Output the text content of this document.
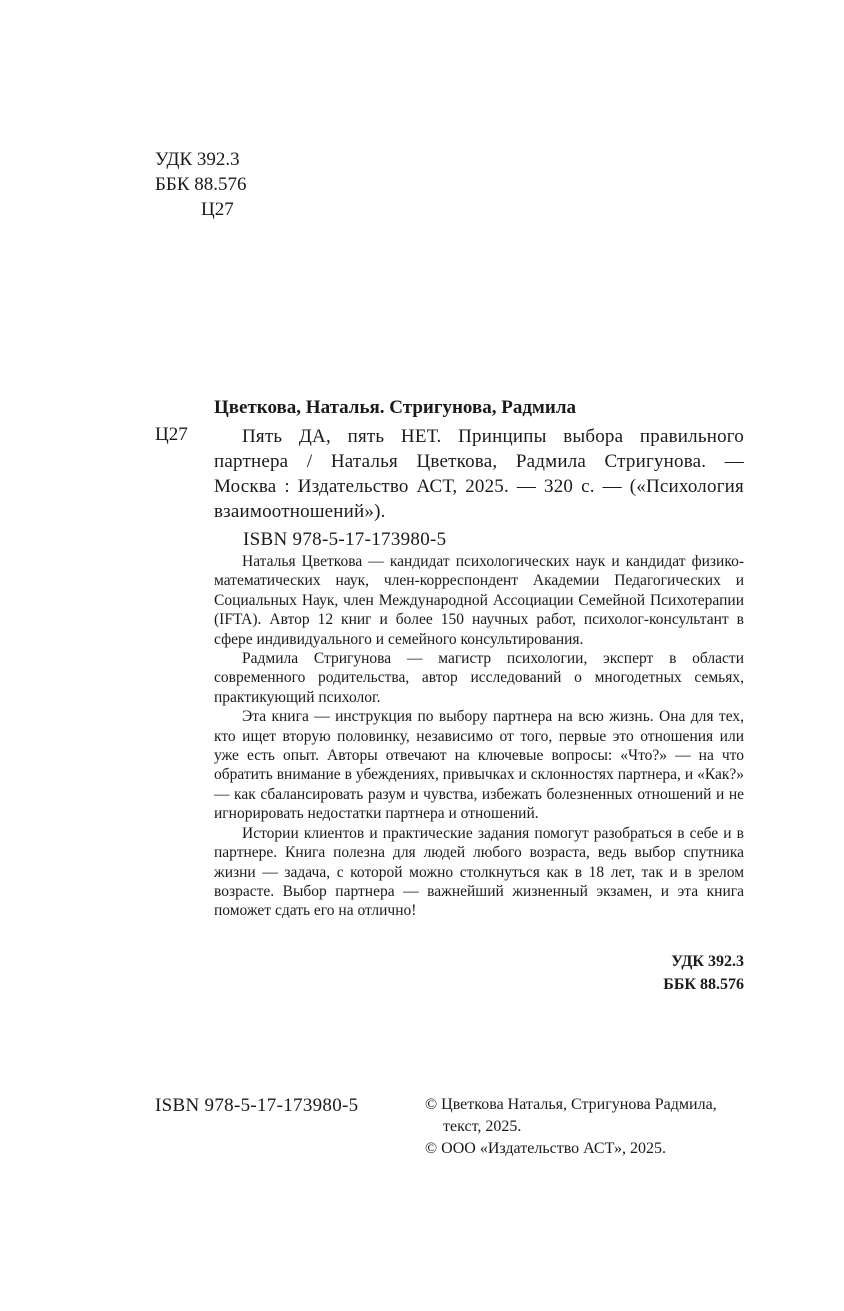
УДК 392.3
ББК 88.576
Ц27
Цветкова, Наталья. Стригунова, Радмила
Ц27	Пять ДА, пять НЕТ. Принципы выбора правильного
партнера / Наталья Цветкова, Радмила Стригунова. —
Москва : Издательство АСТ, 2025. — 320 с. — («Психология
взаимоотношений»).
ISBN 978-5-17-173980-5

Наталья Цветкова — кандидат психологических наук и кандидат физико-математических наук, член-корреспондент Академии Педагогических и Социальных Наук, член Международной Ассоциации Семейной Психотерапии (IFTA). Автор 12 книг и более 150 научных работ, психолог-консультант в сфере индивидуального и семейного консультирования.

Радмила Стригунова — магистр психологии, эксперт в области современного родительства, автор исследований о многодетных семьях, практикующий психолог.

Эта книга — инструкция по выбору партнера на всю жизнь. Она для тех, кто ищет вторую половинку, независимо от того, первые это отношения или уже есть опыт. Авторы отвечают на ключевые вопросы: «Что?» — на что обратить внимание в убеждениях, привычках и склонностях партнера, и «Как?» — как сбалансировать разум и чувства, избежать болезненных отношений и не игнорировать недостатки партнера и отношений.

Истории клиентов и практические задания помогут разобраться в себе и в партнере. Книга полезна для людей любого возраста, ведь выбор спутника жизни — задача, с которой можно столкнуться как в 18 лет, так и в зрелом возрасте. Выбор партнера — важнейший жизненный экзамен, и эта книга поможет сдать его на отлично!

УДК 392.3
ББК 88.576
ISBN 978-5-17-173980-5	© Цветкова Наталья, Стригунова Радмила,
текст, 2025.
© ООО «Издательство АСТ», 2025.
